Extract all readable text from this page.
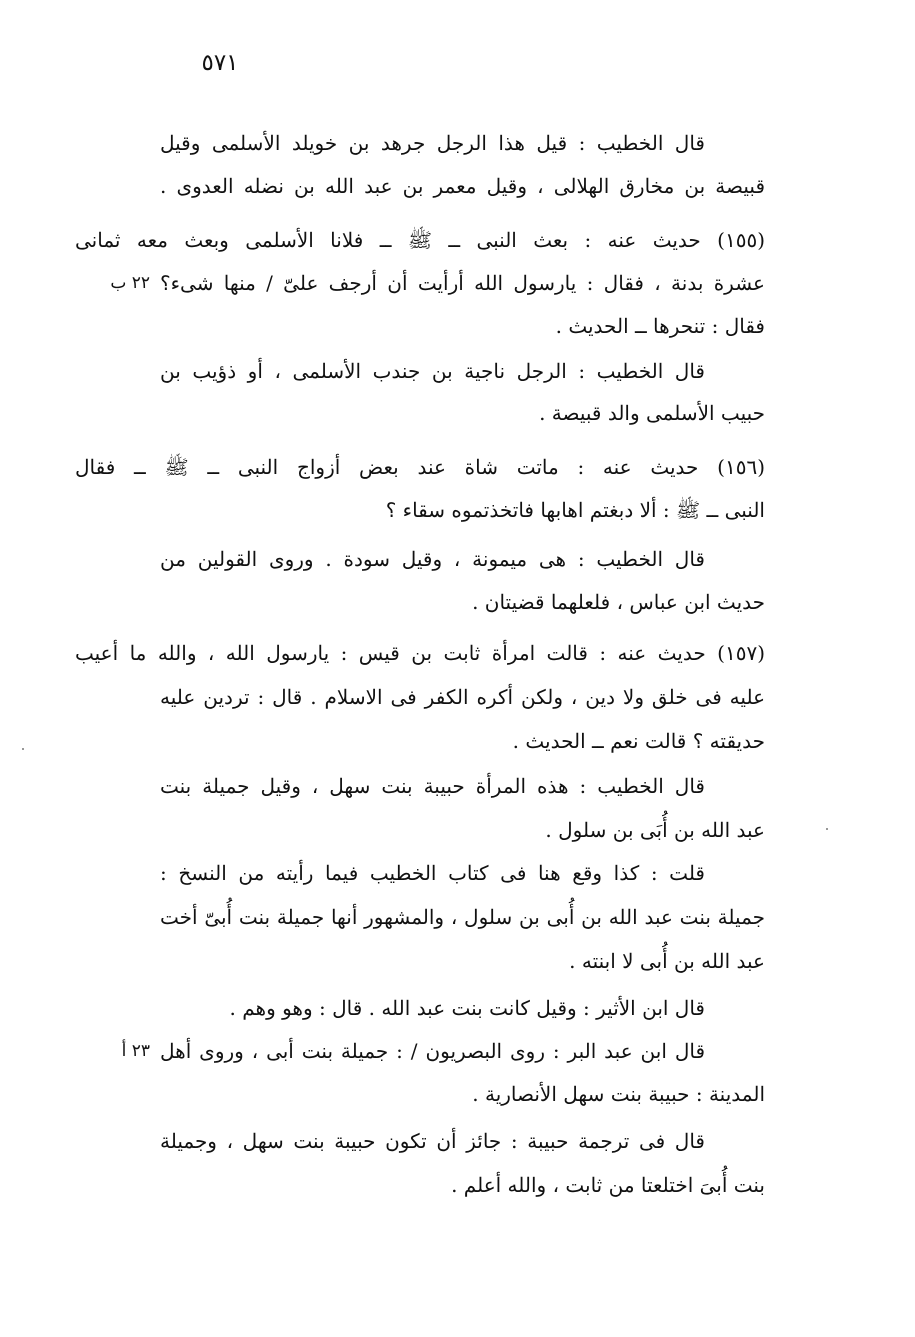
٥٧١
قال الخطيب : قيل هذا الرجل جرهد بن خويلد الأسلمى وقيل
قبيصة بن مخارق الهلالى ، وقيل معمر بن عبد الله بن نضله العدوى .
(١٥٥) حديث عنه : بعث النبى ــ ﷺ ــ فلانا الأسلمى وبعث معه ثمانى
عشرة بدنة ، فقال : يارسول الله أرأيت أن أرجف علىّ / منها شىء؟
فقال : تنحرها ــ الحديث .
قال الخطيب : الرجل ناجية بن جندب الأسلمى ، أو ذؤيب بن
حبيب الأسلمى والد قبيصة .
(١٥٦) حديث عنه : ماتت شاة عند بعض أزواج النبى ــ ﷺ ــ فقال
النبى ــ ﷺ : ألا دبغتم اهابها فاتخذتموه سقاء ؟
قال الخطيب : هى ميمونة ، وقيل سودة . وروى القولين من
حديث ابن عباس ، فلعلهما قضيتان .
(١٥٧) حديث عنه : قالت امرأة ثابت بن قيس : يارسول الله ، والله ما أعيب
عليه فى خلق ولا دين ، ولكن أكره الكفر فى الاسلام . قال : تردين عليه
حديقته ؟ قالت نعم ــ الحديث .
قال الخطيب : هذه المرأة حبيبة بنت سهل ، وقيل جميلة بنت
عبد الله بن أُبَى بن سلول .
قلت : كذا وقع هنا فى كتاب الخطيب فيما رأيته من النسخ :
جميلة بنت عبد الله بن أُبى بن سلول ، والمشهور أنها جميلة بنت أُبىّ أخت
عبد الله بن أُبى لا ابنته .
قال ابن الأثير : وقيل كانت بنت عبد الله . قال : وهو وهم .
قال ابن عبد البر : روى البصريون / : جميلة بنت أبى ، وروى أهل
المدينة : حبيبة بنت سهل الأنصارية .
قال فى ترجمة حبيبة : جائز أن تكون حبيبة بنت سهل ، وجميلة
بنت أُبىَ اختلعتا من ثابت ، والله أعلم .
٢٢ ب
٢٣ أ
